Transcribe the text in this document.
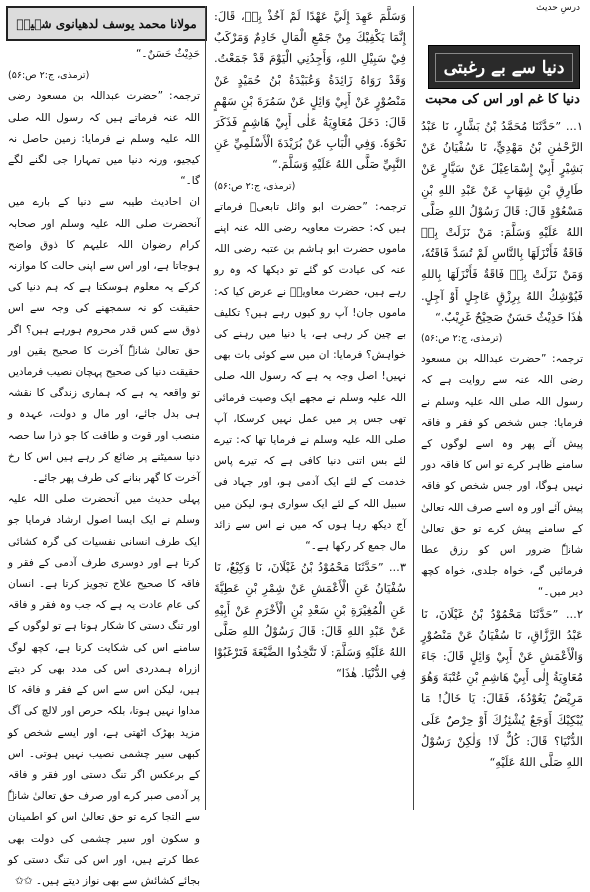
درسِ حدیث
دنیا سے بے رغبتی
دنیا کا غم اور اس کی محبت
مولانا محمد یوسف لدھیانوی شہیدؒ

۱... ”حَدَّثَنَا مُحَمَّدُ بْنُ بَشَّارٍ، نَا عَبْدُ الرَّحْمٰنِ بْنُ مَهْدِيٍّ، نَا سُفْيَانُ عَنْ بَشِيْرٍ أَبِيْ إِسْمَاعِيْلَ عَنْ سَيَّارٍ عَنْ طَارِقِ بْنِ شِهَابٍ عَنْ عَبْدِ اللهِ بْنِ مَسْعُوْدٍ قَالَ: قَالَ رَسُوْلُ اللهِ صَلَّى اللهُ عَلَيْهِ وَسَلَّمَ: مَنْ نَزَلَتْ بِهٖ فَاقَةٌ فَأَنْزَلَهَا بِالنَّاسِ لَمْ تُسَدَّ فَاقَتُهٗ، وَمَنْ نَزَلَتْ بِهٖ فَاقَةٌ فَأَنْزَلَهَا بِاللهِ فَيُوْشِكُ اللهُ بِرِزْقٍ عَاجِلٍ أَوْ آجِلٍ. هٰذَا حَدِيْثٌ حَسَنٌ صَحِيْحٌ غَرِيْبٌ.“

(ترمذی، ج:۲ ص:۵۶)

ترجمہ: ”حضرت عبداللہ بن مسعود رضی اللہ عنہ سے روایت ہے کہ رسول اللہ صلی اللہ علیہ وسلم نے فرمایا: جس شخص کو فقر و فاقہ پیش آئے پھر وہ اسے لوگوں کے سامنے ظاہر کرے تو اس کا فاقہ دور نہیں ہوگا، اور جس شخص کو فاقہ پیش آئے اور وہ اسے صرف اللہ تعالیٰ کے سامنے پیش کرے تو حق تعالیٰ شانہٗ ضرور اس کو رزق عطا فرمائیں گے، خواہ جلدی، خواہ کچھ دیر میں۔“

۲... ”حَدَّثَنَا مَحْمُوْدُ بْنُ غَيْلَانَ، نَا عَبْدُ الرَّزَّاقِ، نَا سُفْيَانُ عَنْ مَنْصُوْرٍ وَالْأَعْمَشِ عَنْ أَبِيْ وَائِلٍ قَالَ: جَاءَ مُعَاوِيَةُ إِلٰى أَبِيْ هَاشِمِ بْنِ عُتْبَةَ وَهُوَ مَرِيْضٌ يَعُوْدُهٗ، فَقَالَ: يَا خَالُ! مَا يُبْكِيْكَ أَوَجَعٌ يُشْئِزُكَ أَوْ حِرْصٌ عَلَى الدُّنْيَا؟ قَالَ: كُلٌّ لَا! وَلٰكِنْ رَسُوْلُ اللهِ صَلَّى اللهُ عَلَيْهِ“

وَسَلَّمَ عَهِدَ إِلَيَّ عَهْدًا لَمْ آخُذْ بِهٖ، قَالَ: إِنَّمَا يَكْفِيْكَ مِنْ جَمْعِ الْمَالِ خَادِمٌ وَمَرْكَبٌ فِيْ سَبِيْلِ اللهِ، وَأَجِدُنِي الْيَوْمَ قَدْ جَمَعْتُ. وَقَدْ رَوَاهُ زَائِدَةُ وَعُبَيْدَةُ بْنُ حُمَيْدٍ عَنْ مَنْصُوْرٍ عَنْ أَبِيْ وَائِلٍ عَنْ سَمُرَةَ بْنِ سَهْمٍ قَالَ: دَخَلَ مُعَاوِيَةُ عَلٰى أَبِيْ هَاشِمٍ فَذَكَرَ نَحْوَهٗ. وَفِي الْبَابِ عَنْ بُرَيْدَةَ الْأَسْلَمِيِّ عَنِ النَّبِيِّ صَلَّى اللهُ عَلَيْهِ وَسَلَّمَ.“

(ترمذی، ج:۲ ص:۵۶)

ترجمہ: ”حضرت ابو وائل تابعیؒ فرماتے ہیں کہ: حضرت معاویہ رضی اللہ عنہ اپنے ماموں حضرت ابو ہاشم بن عتبہ رضی اللہ عنہ کی عیادت کو گئے تو دیکھا کہ وہ رو رہے ہیں، حضرت معاویہؓ نے عرض کیا کہ: ماموں جان! آپ رو کیوں رہے ہیں؟ تکلیف بے چین کر رہی ہے، یا دنیا میں رہنے کی خواہش؟ فرمایا: ان میں سے کوئی بات بھی نہیں! اصل وجہ یہ ہے کہ رسول اللہ صلی اللہ علیہ وسلم نے مجھے ایک وصیت فرمائی تھی جس پر میں عمل نہیں کرسکا، آپ صلی اللہ علیہ وسلم نے فرمایا تھا کہ: تیرے لئے بس اتنی دنیا کافی ہے کہ تیرے پاس خدمت کے لئے ایک آدمی ہو، اور جہاد فی سبیل اللہ کے لئے ایک سواری ہو، لیکن میں آج دیکھ رہا ہوں کہ میں نے اس سے زائد مال جمع کر رکھا ہے۔“

۳... ”حَدَّثَنَا مَحْمُوْدُ بْنُ غَيْلَانَ، نَا وَكِيْعٌ، نَا سُفْيَانُ عَنِ الْأَعْمَشِ عَنْ شِمْرِ بْنِ عَطِيَّةَ عَنِ الْمُغِيْرَةِ بْنِ سَعْدِ بْنِ الْأَخْرَمِ عَنْ أَبِيْهِ عَنْ عَبْدِ اللهِ قَالَ: قَالَ رَسُوْلُ اللهِ صَلَّى اللهُ عَلَيْهِ وَسَلَّمَ: لَا تَتَّخِذُوا الضَّيْعَةَ فَتَرْغَبُوْا فِي الدُّنْيَا. هٰذَا“

حَدِیْثٌ حَسَنٌ۔“

(ترمذی، ج:۲ ص:۵۶)

ترجمہ: ”حضرت عبداللہ بن مسعود رضی اللہ عنہ فرماتے ہیں کہ رسول اللہ صلی اللہ علیہ وسلم نے فرمایا: زمین حاصل نہ کیجیو، ورنہ دنیا میں تمہارا جی لگنے لگے گا۔“

ان احادیث طیبہ سے دنیا کے بارے میں آنحضرت صلی اللہ علیہ وسلم اور صحابہ کرام رضوان اللہ علیہم کا ذوق واضح ہوجاتا ہے، اور اس سے اپنی حالت کا موازنہ کرکے یہ معلوم ہوسکتا ہے کہ ہم دنیا کی حقیقت کو نہ سمجھنے کی وجہ سے اس ذوق سے کس قدر محروم ہورہے ہیں؟ اگر حق تعالیٰ شانہٗ آخرت کا صحیح یقین اور حقیقت دنیا کی صحیح پہچان نصیب فرمادیں تو واقعہ یہ ہے کہ ہماری زندگی کا نقشہ ہی بدل جائے، اور مال و دولت، عہدہ و منصب اور قوت و طاقت کا جو ذرا سا حصہ دنیا سمیٹنے پر ضائع کر رہے ہیں اس کا رخ آخرت کا گھر بنانے کی طرف پھر جائے۔

پہلی حدیث میں آنحضرت صلی اللہ علیہ وسلم نے ایک ایسا اصول ارشاد فرمایا جو ایک طرف انسانی نفسیات کی گرہ کشائی کرتا ہے اور دوسری طرف آدمی کے فقر و فاقہ کا صحیح علاج تجویز کرتا ہے۔ انسان کی عام عادت یہ ہے کہ جب وہ فقر و فاقہ اور تنگ دستی کا شکار ہوتا ہے تو لوگوں کے سامنے اس کی شکایت کرتا ہے، کچھ لوگ ازراہ ہمدردی اس کی مدد بھی کر دیتے ہیں، لیکن اس سے اس کے فقر و فاقہ کا مداوا نہیں ہوتا، بلکہ حرص اور لالچ کی آگ مزید بھڑک اٹھتی ہے، اور ایسے شخص کو کبھی سیر چشمی نصیب نہیں ہوتی۔ اس کے برعکس اگر تنگ دستی اور فقر و فاقہ پر آدمی صبر کرے اور صرف حق تعالیٰ شانہٗ سے التجا کرے تو حق تعالیٰ اس کو اطمینان و سکون اور سیر چشمی کی دولت بھی عطا کرتے ہیں، اور اس کی تنگ دستی کو بجائے کشائش سے بھی نواز دیتے ہیں۔ ✩✩
